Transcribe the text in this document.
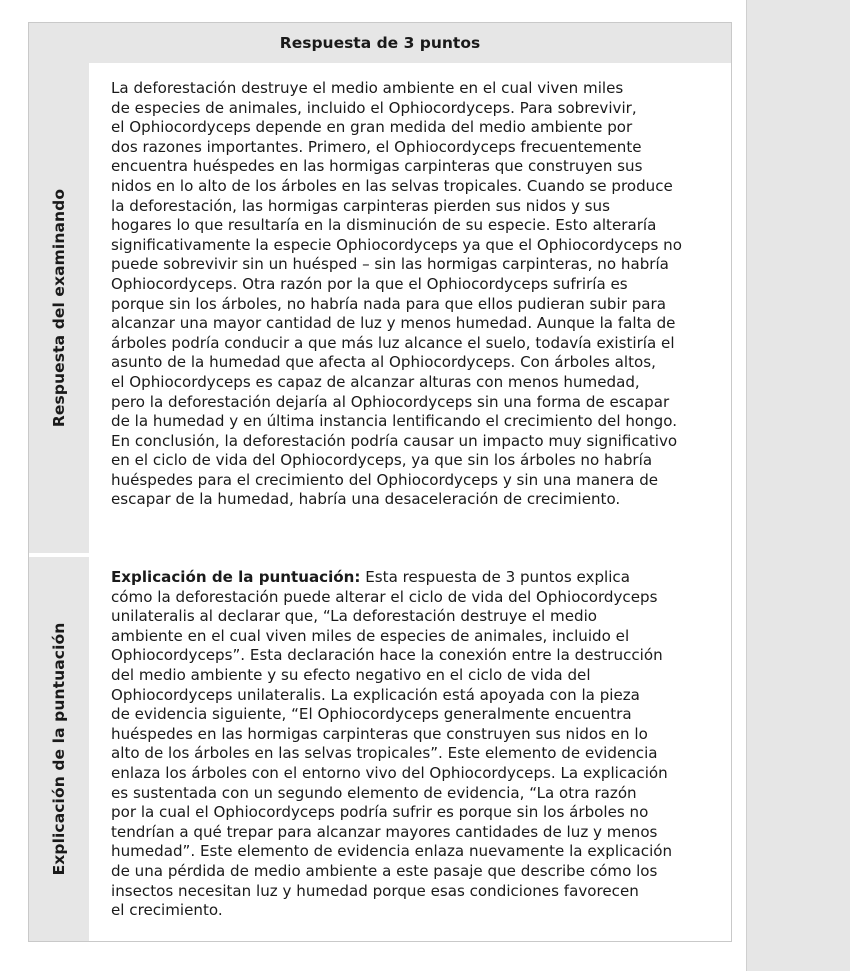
Respuesta de 3 puntos
Respuesta del examinando
Explicación de la puntuación

La deforestación destruye el medio ambiente en el cual viven miles
de especies de animales, incluido el Ophiocordyceps. Para sobrevivir,
el Ophiocordyceps depende en gran medida del medio ambiente por
dos razones importantes. Primero, el Ophiocordyceps frecuentemente
encuentra huéspedes en las hormigas carpinteras que construyen sus
nidos en lo alto de los árboles en las selvas tropicales. Cuando se produce
la deforestación, las hormigas carpinteras pierden sus nidos y sus
hogares lo que resultaría en la disminución de su especie. Esto alteraría
significativamente la especie Ophiocordyceps ya que el Ophiocordyceps no
puede sobrevivir sin un huésped – sin las hormigas carpinteras, no habría
Ophiocordyceps. Otra razón por la que el Ophiocordyceps sufriría es
porque sin los árboles, no habría nada para que ellos pudieran subir para
alcanzar una mayor cantidad de luz y menos humedad. Aunque la falta de
árboles podría conducir a que más luz alcance el suelo, todavía existiría el
asunto de la humedad que afecta al Ophiocordyceps. Con árboles altos,
el Ophiocordyceps es capaz de alcanzar alturas con menos humedad,
pero la deforestación dejaría al Ophiocordyceps sin una forma de escapar
de la humedad y en última instancia lentificando el crecimiento del hongo.
En conclusión, la deforestación podría causar un impacto muy significativo
en el ciclo de vida del Ophiocordyceps, ya que sin los árboles no habría
huéspedes para el crecimiento del Ophiocordyceps y sin una manera de
escapar de la humedad, habría una desaceleración de crecimiento.

Explicación de la puntuación: Esta respuesta de 3 puntos explica
cómo la deforestación puede alterar el ciclo de vida del Ophiocordyceps
unilateralis al declarar que, “La deforestación destruye el medio
ambiente en el cual viven miles de especies de animales, incluido el
Ophiocordyceps”. Esta declaración hace la conexión entre la destrucción
del medio ambiente y su efecto negativo en el ciclo de vida del
Ophiocordyceps unilateralis. La explicación está apoyada con la pieza
de evidencia siguiente, “El Ophiocordyceps generalmente encuentra
huéspedes en las hormigas carpinteras que construyen sus nidos en lo
alto de los árboles en las selvas tropicales”. Este elemento de evidencia
enlaza los árboles con el entorno vivo del Ophiocordyceps. La explicación
es sustentada con un segundo elemento de evidencia, “La otra razón
por la cual el Ophiocordyceps podría sufrir es porque sin los árboles no
tendrían a qué trepar para alcanzar mayores cantidades de luz y menos
humedad”. Este elemento de evidencia enlaza nuevamente la explicación
de una pérdida de medio ambiente a este pasaje que describe cómo los
insectos necesitan luz y humedad porque esas condiciones favorecen
el crecimiento.
